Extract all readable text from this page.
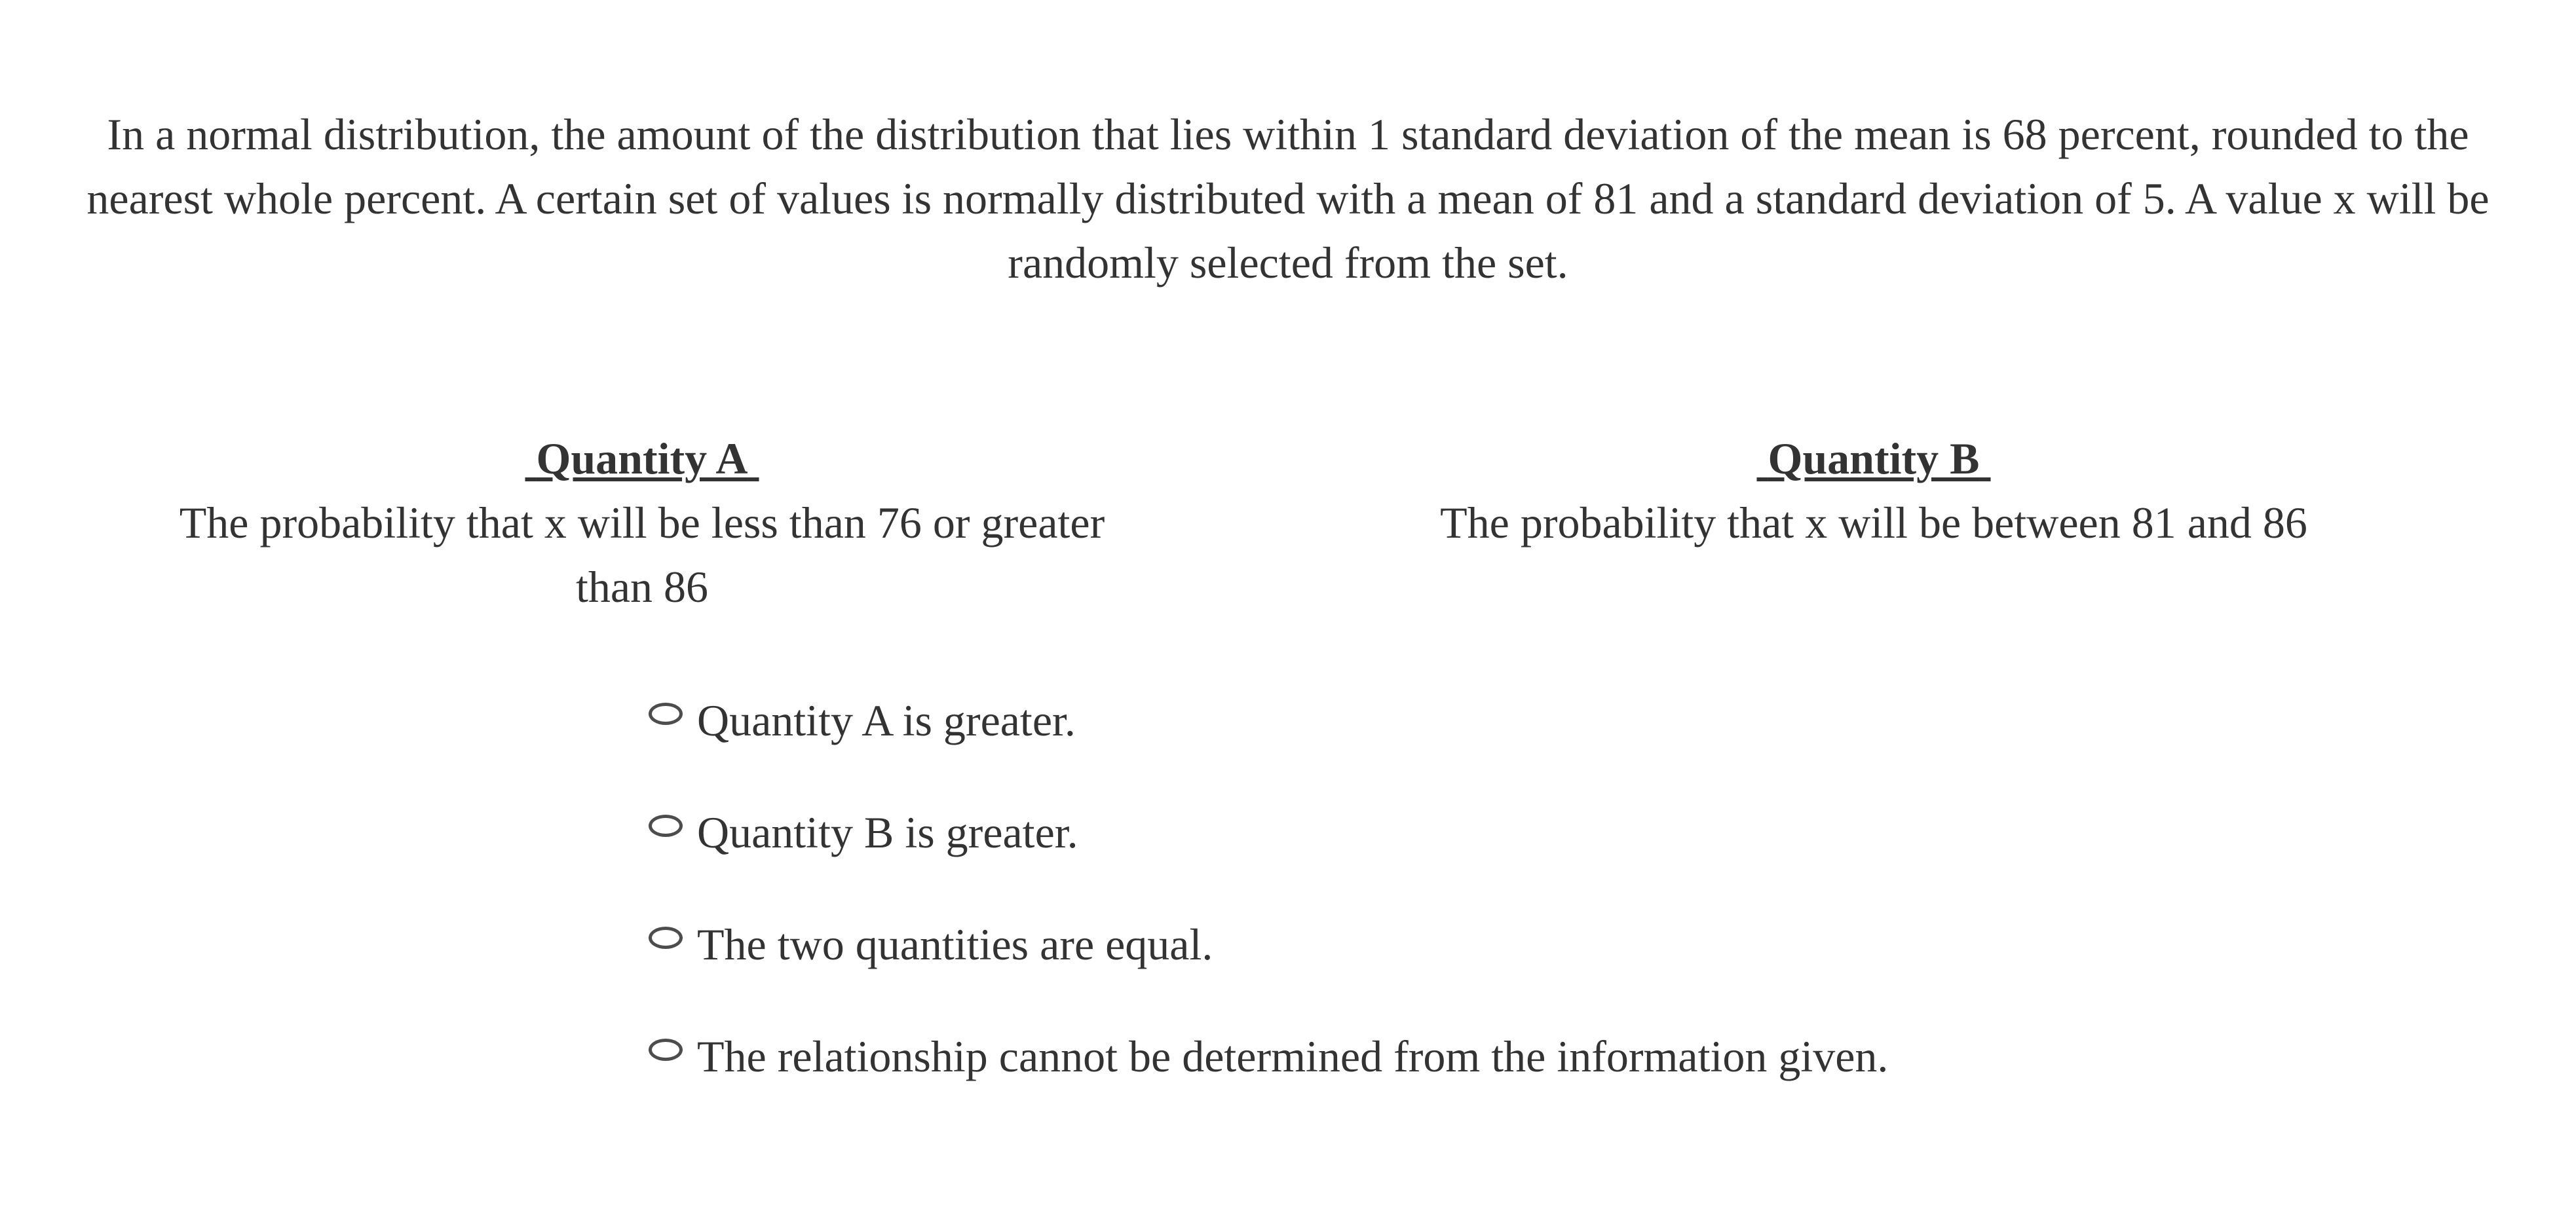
In a normal distribution, the amount of the distribution that lies within 1 standard deviation of the mean is 68 percent, rounded to the
nearest whole percent. A certain set of values is normally distributed with a mean of 81 and a standard deviation of 5. A value x will be
randomly selected from the set.
Quantity A
The probability that x will be less than 76 or greater
than 86
Quantity B
The probability that x will be between 81 and 86
Quantity A is greater.
Quantity B is greater.
The two quantities are equal.
The relationship cannot be determined from the information given.
